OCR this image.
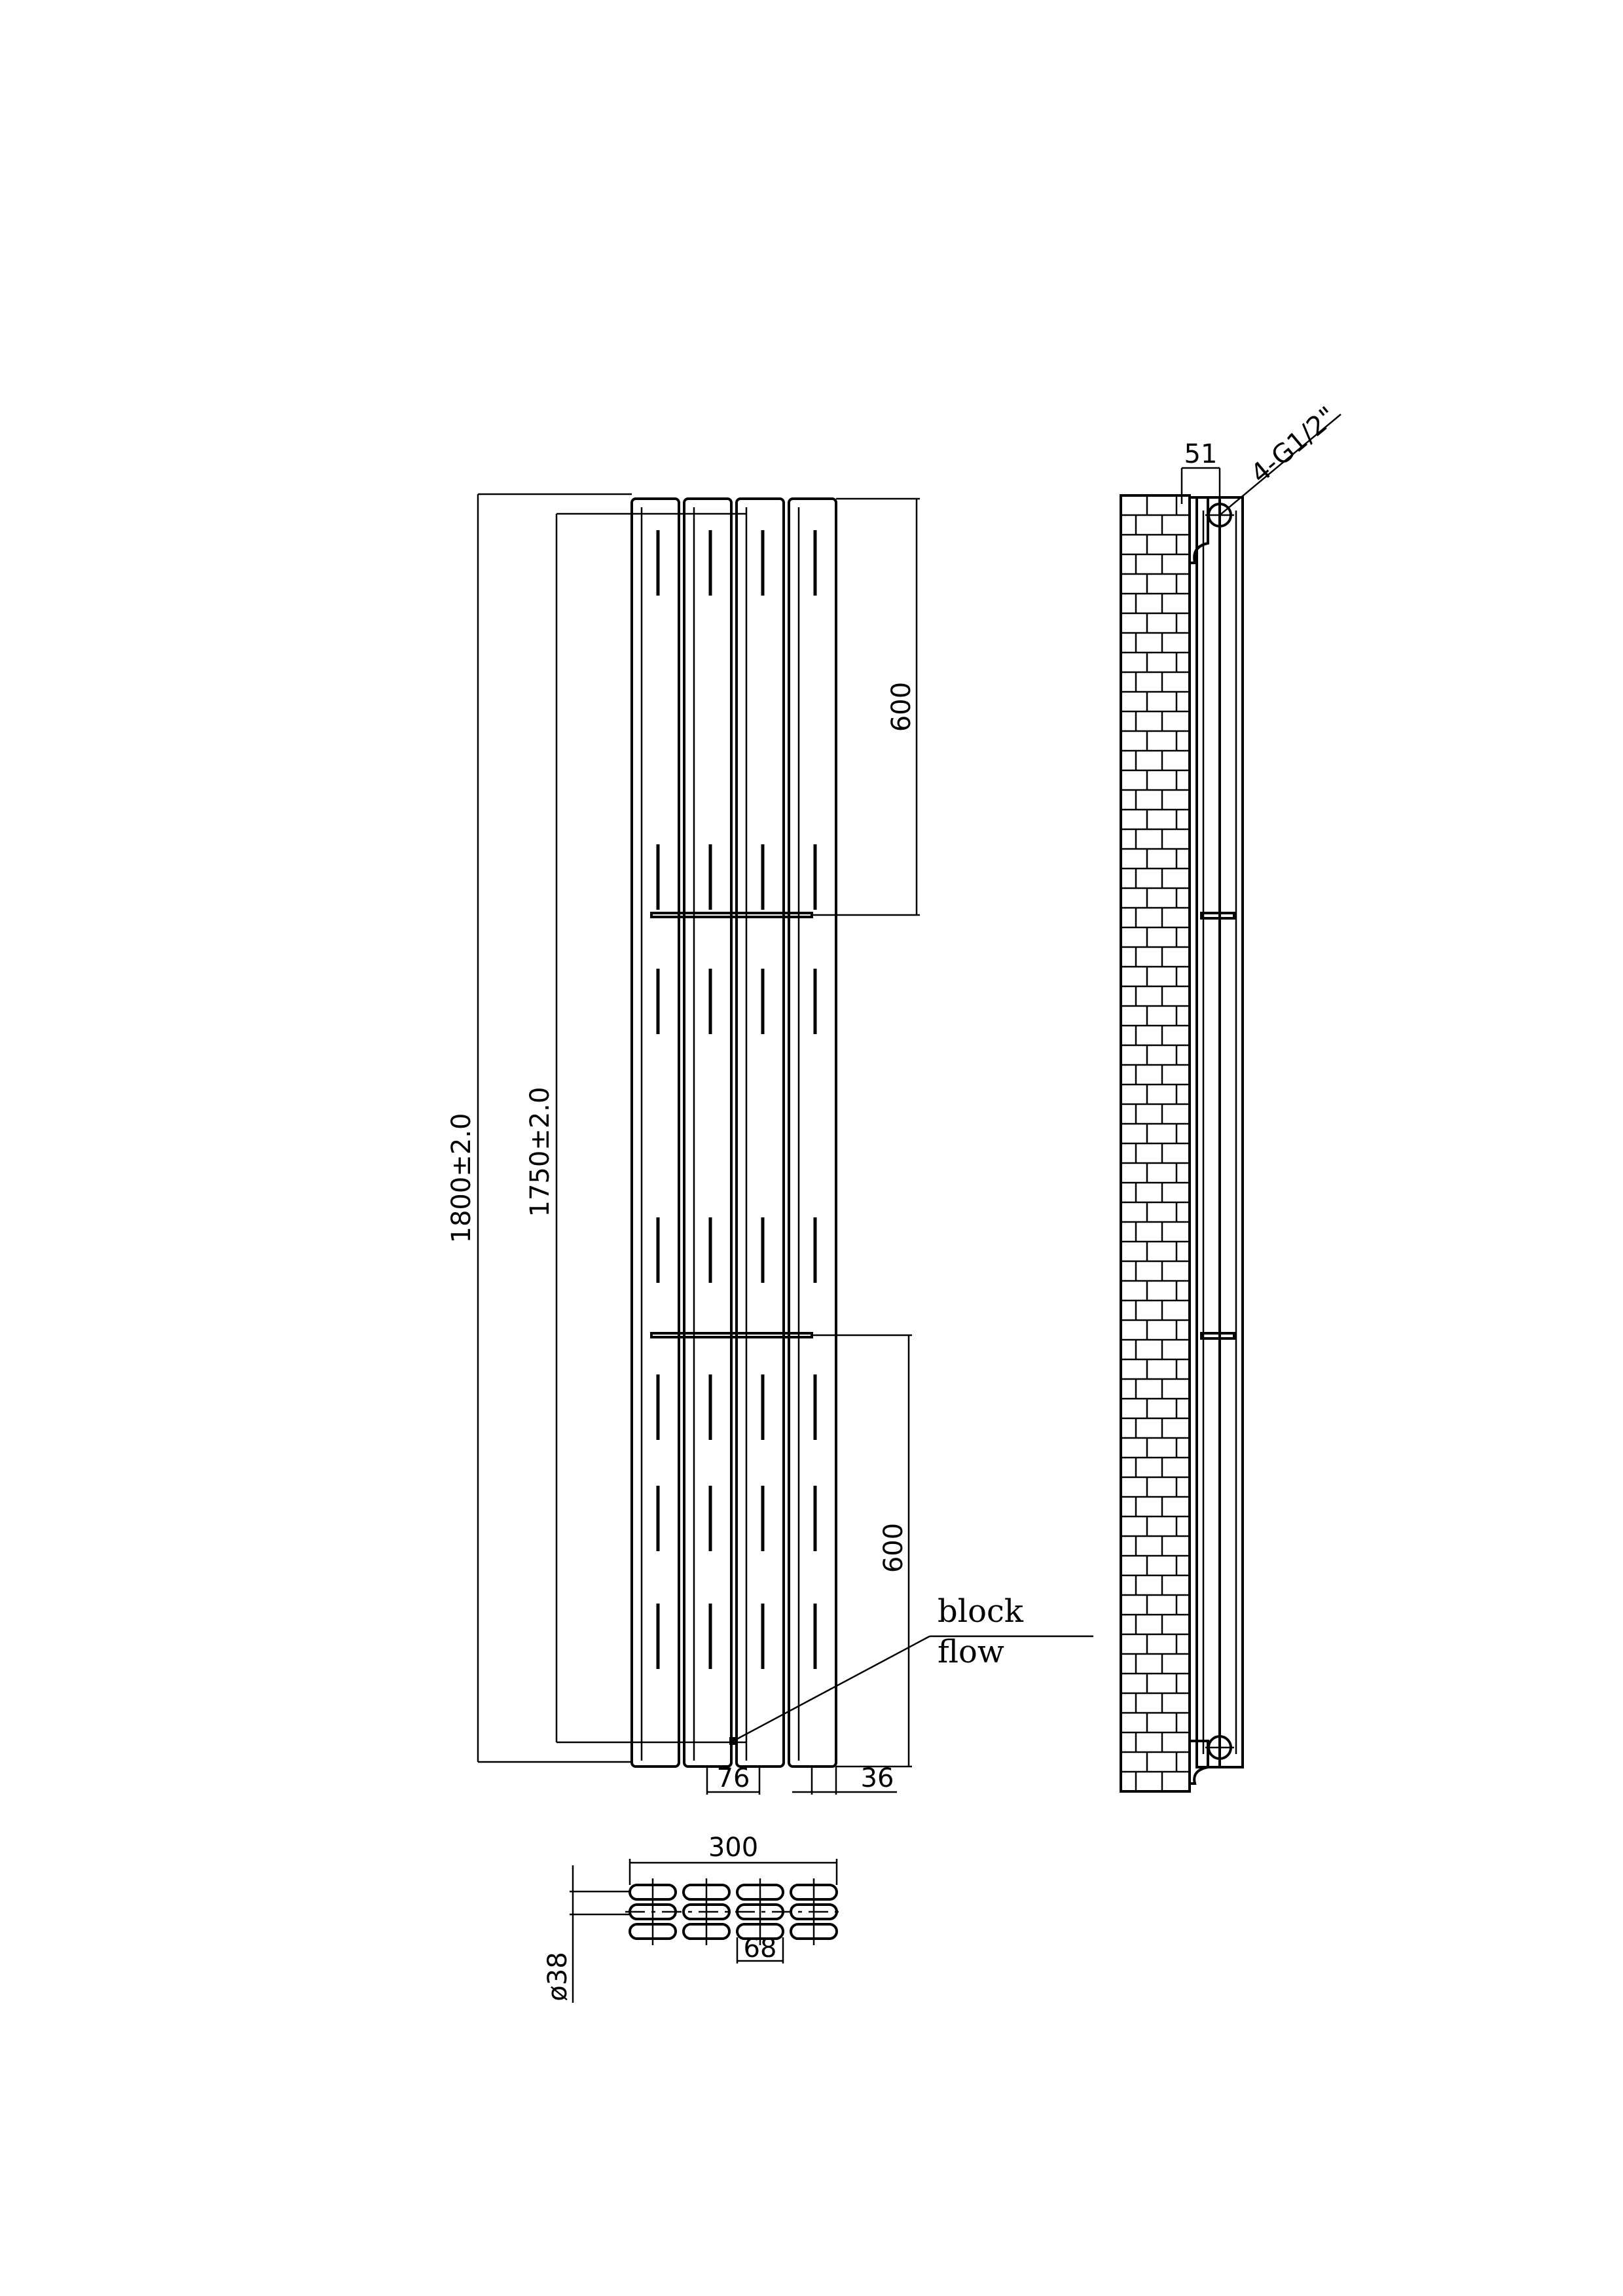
1800±2.0 1750±2.0
600
600
76	36
block
flow
51 4-G1/2"
300
68
ø38
